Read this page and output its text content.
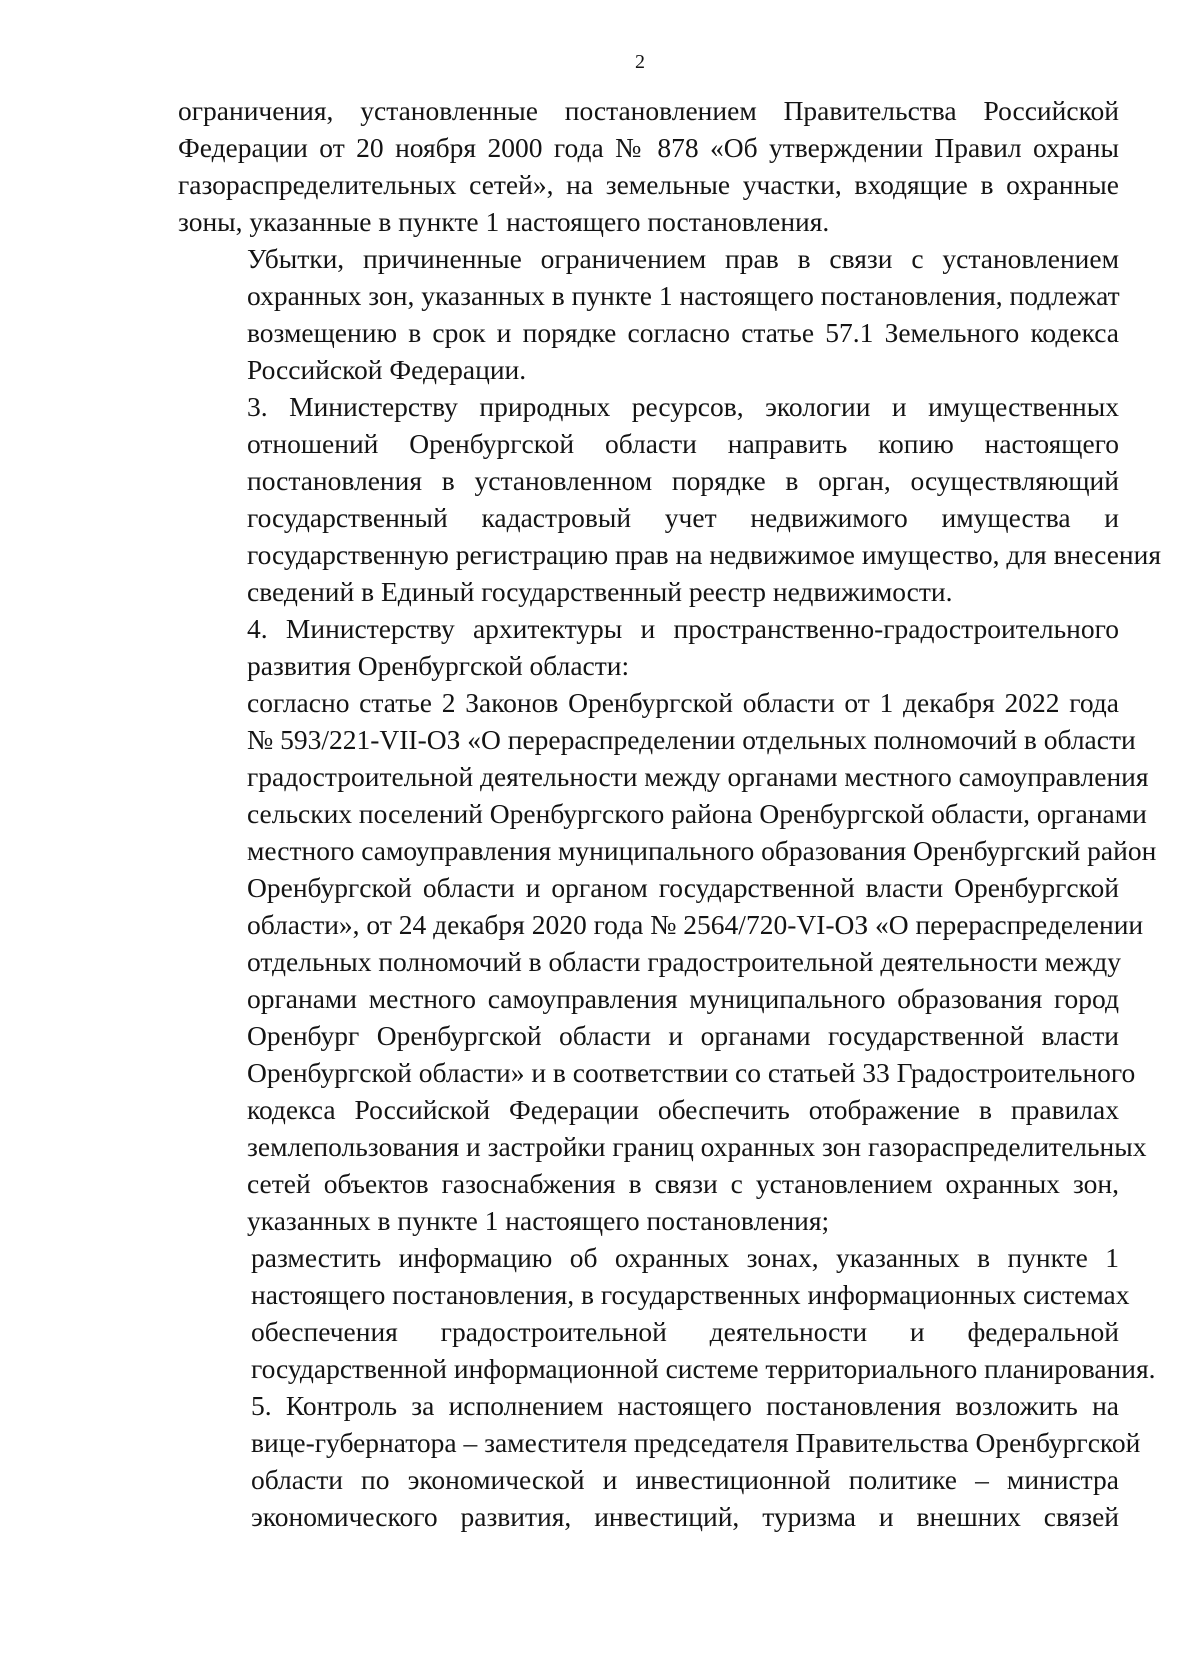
2

ограничения, установленные постановлением Правительства Российской
Федерации от 20 ноября 2000 года № 878 «Об утверждении Правил охраны
газораспределительных сетей», на земельные участки, входящие в охранные
зоны, указанные в пункте 1 настоящего постановления.

Убытки, причиненные ограничением прав в связи с установлением
охранных зон, указанных в пункте 1 настоящего постановления, подлежат
возмещению в срок и порядке согласно статье 57.1 Земельного кодекса
Российской Федерации.

3. Министерству природных ресурсов, экологии и имущественных
отношений Оренбургской области направить копию настоящего
постановления в установленном порядке в орган, осуществляющий
государственный кадастровый учет недвижимого имущества и
государственную регистрацию прав на недвижимое имущество, для внесения
сведений в Единый государственный реестр недвижимости.

4. Министерству архитектуры и пространственно-градостроительного
развития Оренбургской области:

согласно статье 2 Законов Оренбургской области от 1 декабря 2022 года
№ 593/221-VII-ОЗ «О перераспределении отдельных полномочий в области
градостроительной деятельности между органами местного самоуправления
сельских поселений Оренбургского района Оренбургской области, органами
местного самоуправления муниципального образования Оренбургский район
Оренбургской области и органом государственной власти Оренбургской
области», от 24 декабря 2020 года № 2564/720-VI-ОЗ «О перераспределении
отдельных полномочий в области градостроительной деятельности между
органами местного самоуправления муниципального образования город
Оренбург Оренбургской области и органами государственной власти
Оренбургской области» и в соответствии со статьей 33 Градостроительного
кодекса Российской Федерации обеспечить отображение в правилах
землепользования и застройки границ охранных зон газораспределительных
сетей объектов газоснабжения в связи с установлением охранных зон,
указанных в пункте 1 настоящего постановления;

разместить информацию об охранных зонах, указанных в пункте 1
настоящего постановления, в государственных информационных системах
обеспечения градостроительной деятельности и федеральной
государственной информационной системе территориального планирования.

5. Контроль за исполнением настоящего постановления возложить на
вице-губернатора – заместителя председателя Правительства Оренбургской
области по экономической и инвестиционной политике – министра
экономического развития, инвестиций, туризма и внешних связей
